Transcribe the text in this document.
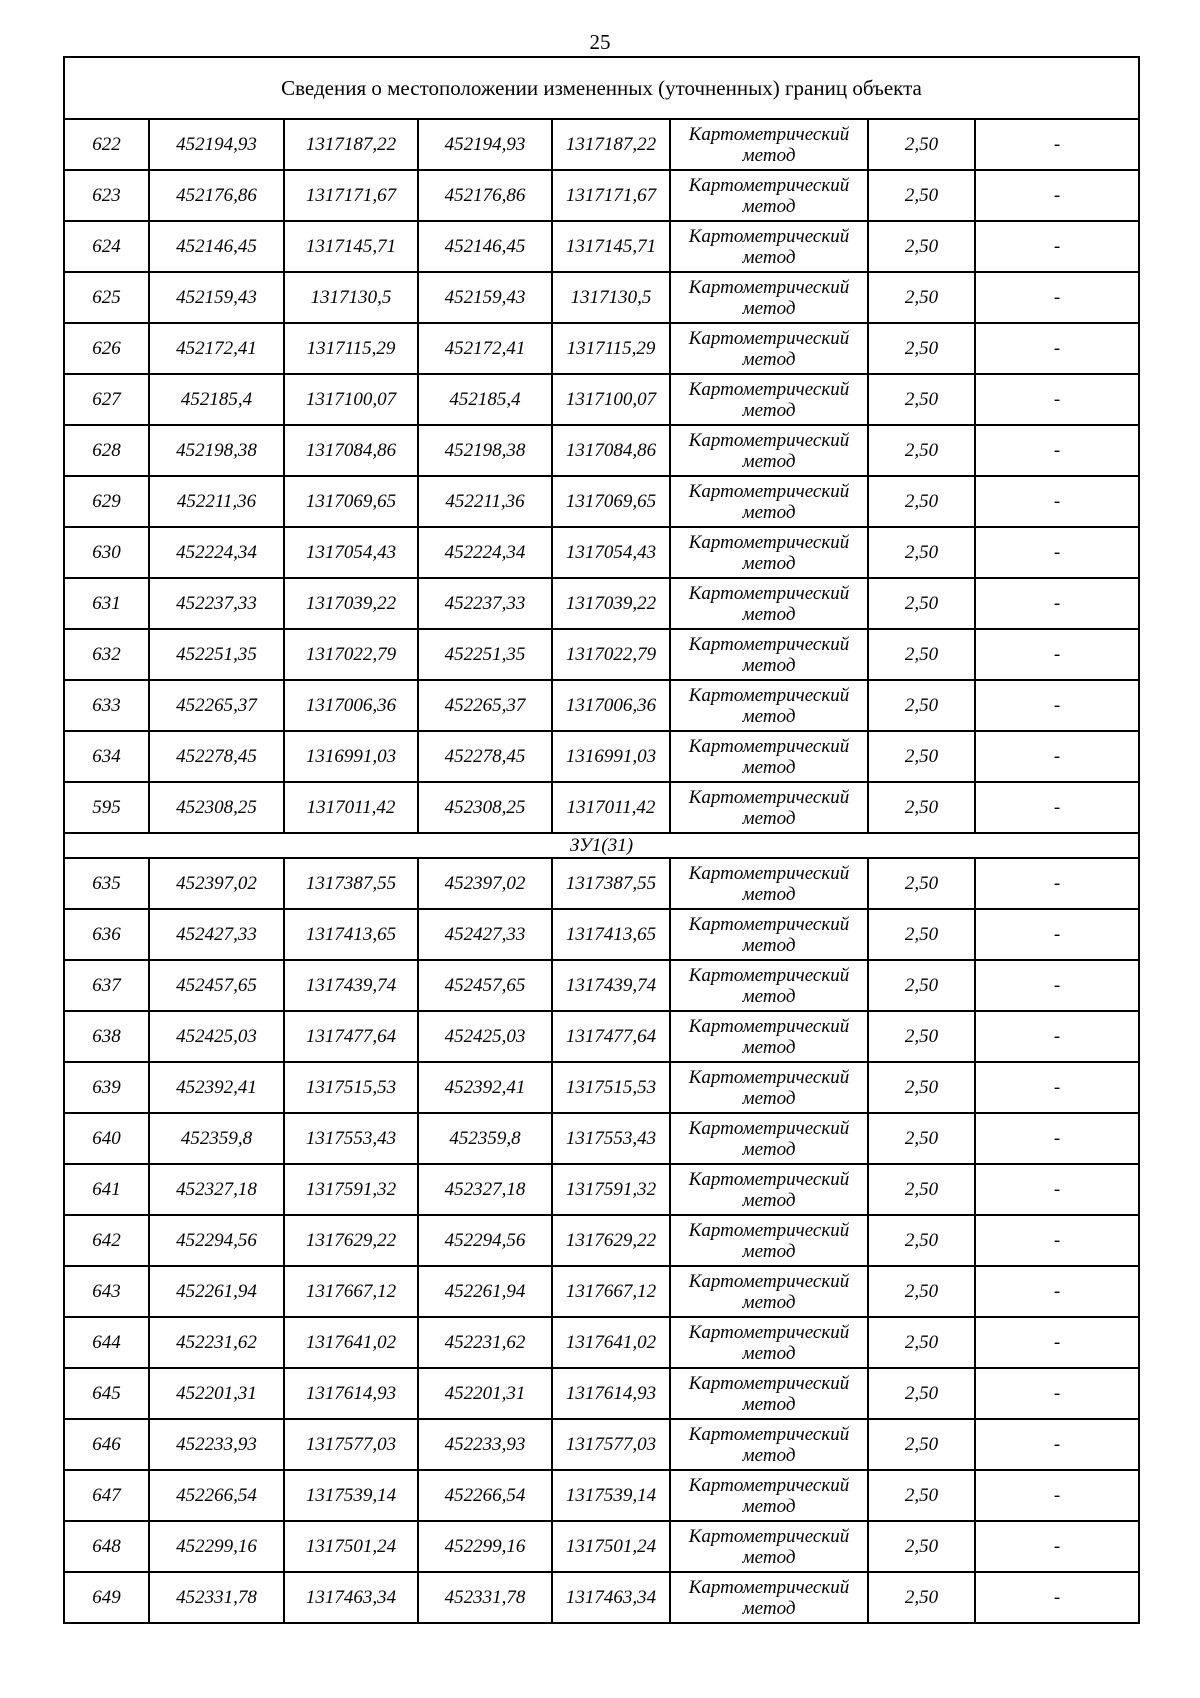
25
Сведения о местоположении измененных (уточненных) границ объекта							
622	452194,93	1317187,22	452194,93	1317187,22	Картометрический
метод	2,50	-
623	452176,86	1317171,67	452176,86	1317171,67	Картометрический
метод	2,50	-
624	452146,45	1317145,71	452146,45	1317145,71	Картометрический
метод	2,50	-
625	452159,43	1317130,5	452159,43	1317130,5	Картометрический
метод	2,50	-
626	452172,41	1317115,29	452172,41	1317115,29	Картометрический
метод	2,50	-
627	452185,4	1317100,07	452185,4	1317100,07	Картометрический
метод	2,50	-
628	452198,38	1317084,86	452198,38	1317084,86	Картометрический
метод	2,50	-
629	452211,36	1317069,65	452211,36	1317069,65	Картометрический
метод	2,50	-
630	452224,34	1317054,43	452224,34	1317054,43	Картометрический
метод	2,50	-
631	452237,33	1317039,22	452237,33	1317039,22	Картометрический
метод	2,50	-
632	452251,35	1317022,79	452251,35	1317022,79	Картометрический
метод	2,50	-
633	452265,37	1317006,36	452265,37	1317006,36	Картометрический
метод	2,50	-
634	452278,45	1316991,03	452278,45	1316991,03	Картометрический
метод	2,50	-
595	452308,25	1317011,42	452308,25	1317011,42	Картометрический
метод	2,50	-
ЗУ1(31)							
635	452397,02	1317387,55	452397,02	1317387,55	Картометрический
метод	2,50	-
636	452427,33	1317413,65	452427,33	1317413,65	Картометрический
метод	2,50	-
637	452457,65	1317439,74	452457,65	1317439,74	Картометрический
метод	2,50	-
638	452425,03	1317477,64	452425,03	1317477,64	Картометрический
метод	2,50	-
639	452392,41	1317515,53	452392,41	1317515,53	Картометрический
метод	2,50	-
640	452359,8	1317553,43	452359,8	1317553,43	Картометрический
метод	2,50	-
641	452327,18	1317591,32	452327,18	1317591,32	Картометрический
метод	2,50	-
642	452294,56	1317629,22	452294,56	1317629,22	Картометрический
метод	2,50	-
643	452261,94	1317667,12	452261,94	1317667,12	Картометрический
метод	2,50	-
644	452231,62	1317641,02	452231,62	1317641,02	Картометрический
метод	2,50	-
645	452201,31	1317614,93	452201,31	1317614,93	Картометрический
метод	2,50	-
646	452233,93	1317577,03	452233,93	1317577,03	Картометрический
метод	2,50	-
647	452266,54	1317539,14	452266,54	1317539,14	Картометрический
метод	2,50	-
648	452299,16	1317501,24	452299,16	1317501,24	Картометрический
метод	2,50	-
649	452331,78	1317463,34	452331,78	1317463,34	Картометрический
метод	2,50	-
